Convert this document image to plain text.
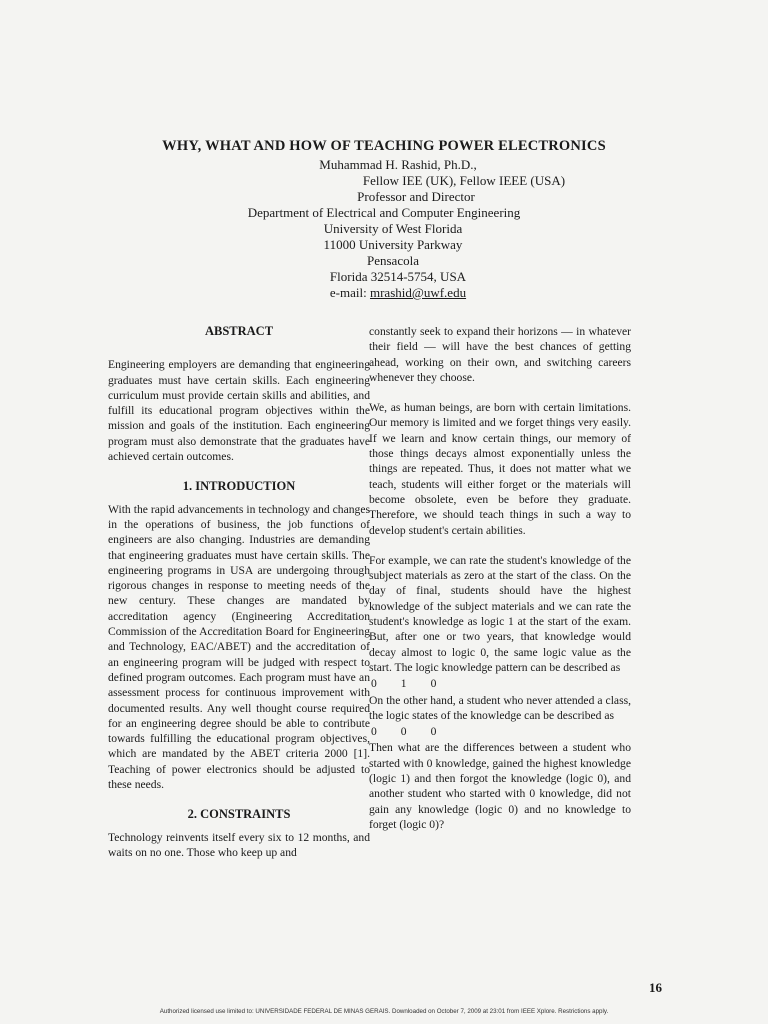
WHY, WHAT AND HOW OF TEACHING POWER ELECTRONICS
Muhammad H. Rashid, Ph.D.,
Fellow IEE (UK), Fellow IEEE (USA)
Professor and Director
Department of Electrical and Computer Engineering
University of West Florida
11000 University Parkway
Pensacola
Florida 32514-5754, USA
e-mail: mrashid@uwf.edu
ABSTRACT

Engineering employers are demanding that engineering graduates must have certain skills. Each engineering curriculum must provide certain skills and abilities, and fulfill its educational program objectives within the mission and goals of the institution. Each engineering program must also demonstrate that the graduates have achieved certain outcomes.

1. INTRODUCTION

With the rapid advancements in technology and changes in the operations of business, the job functions of engineers are also changing. Industries are demanding that engineering graduates must have certain skills. The engineering programs in USA are undergoing through rigorous changes in response to meeting needs of the new century. These changes are mandated by accreditation agency (Engineering Accreditation Commission of the Accreditation Board for Engineering and Technology, EAC/ABET) and the accreditation of an engineering program will be judged with respect to defined program outcomes. Each program must have an assessment process for continuous improvement with documented results. Any well thought course required for an engineering degree should be able to contribute towards fulfilling the educational program objectives, which are mandated by the ABET criteria 2000 [1]. Teaching of power electronics should be adjusted to these needs.

2. CONSTRAINTS

Technology reinvents itself every six to 12 months, and waits on no one. Those who keep up and

constantly seek to expand their horizons — in whatever their field — will have the best chances of getting ahead, working on their own, and switching careers whenever they choose.

We, as human beings, are born with certain limitations. Our memory is limited and we forget things very easily. If we learn and know certain things, our memory of those things decays almost exponentially unless the things are repeated. Thus, it does not matter what we teach, students will either forget or the materials will become obsolete, even be before they graduate. Therefore, we should teach things in such a way to develop student's certain abilities.

For example, we can rate the student's knowledge of the subject materials as zero at the start of the class. On the day of final, students should have the highest knowledge of the subject materials and we can rate the student's knowledge as logic 1 at the start of the exam. But, after one or two years, that knowledge would decay almost to logic 0, the same logic value as the start. The logic knowledge pattern can be described as

0 1 0

On the other hand, a student who never attended a class, the logic states of the knowledge can be described as

0 0 0

Then what are the differences between a student who started with 0 knowledge, gained the highest knowledge (logic 1) and then forgot the knowledge (logic 0), and another student who started with 0 knowledge, did not gain any knowledge (logic 0) and no knowledge to forget (logic 0)?

16
Authorized licensed use limited to: UNIVERSIDADE FEDERAL DE MINAS GERAIS. Downloaded on October 7, 2009 at 23:01 from IEEE Xplore. Restrictions apply.
